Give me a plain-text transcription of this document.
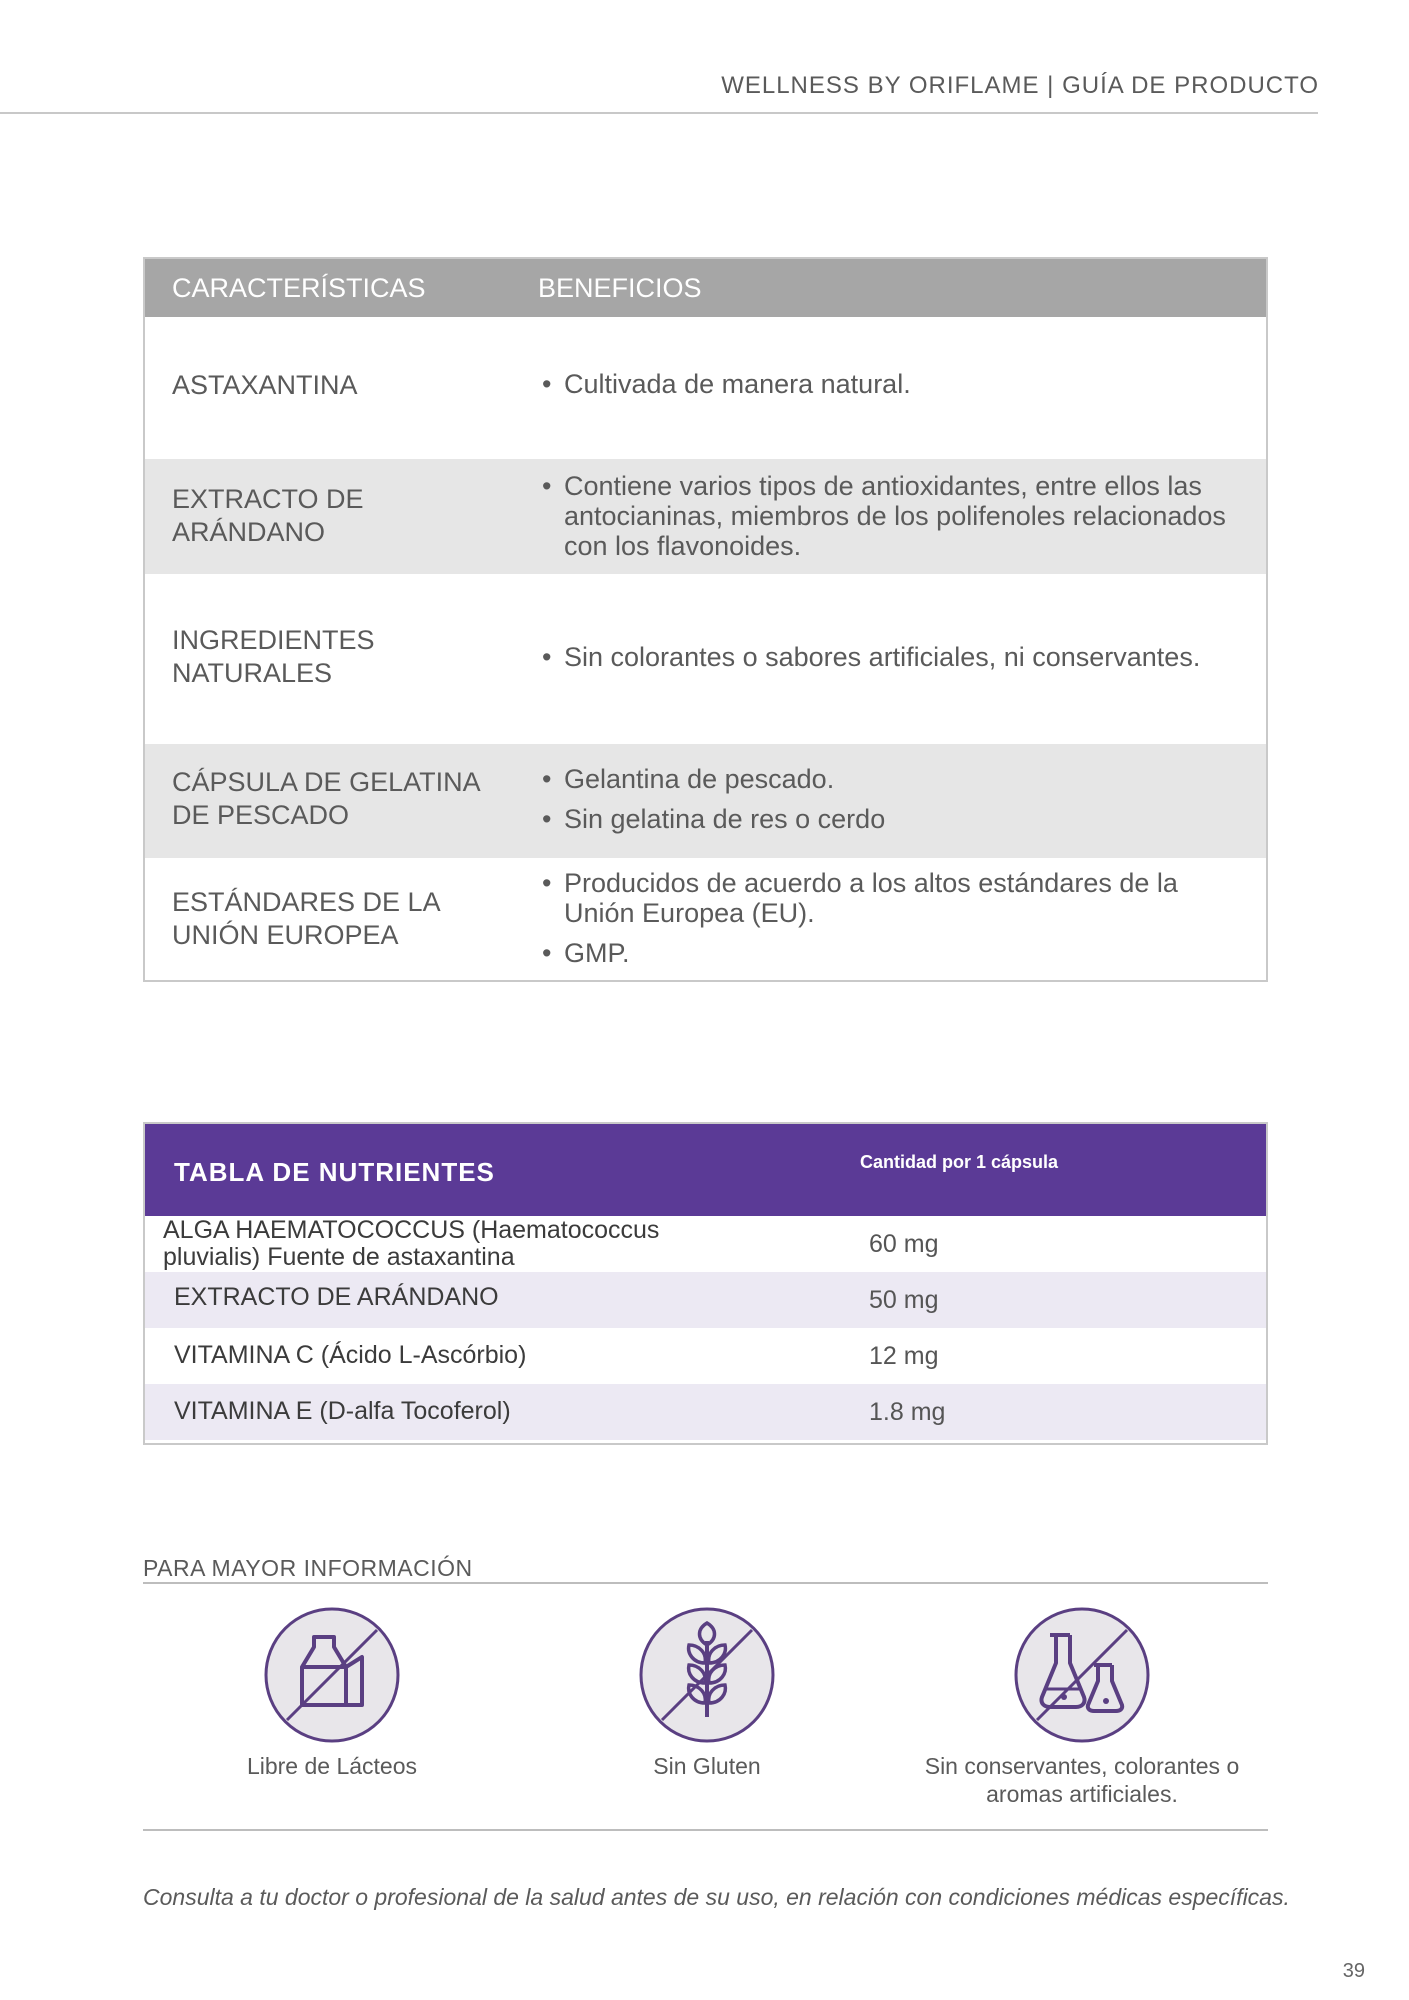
WELLNESS BY ORIFLAME | GUÍA DE PRODUCTO
CARACTERÍSTICAS	BENEFICIOS
ASTAXANTINA
•	Cultivada de manera natural.
EXTRACTO DE ARÁNDANO
• Contiene varios tipos de antioxidantes, entre ellos las antocianinas, miembros de los polifenoles relacionados con los flavonoides.
INGREDIENTES NATURALES
• Sin colorantes o sabores artificiales, ni conservantes.
CÁPSULA DE GELATINA DE PESCADO
• Gelantina de pescado.
• Sin gelatina de res o cerdo
ESTÁNDARES DE LA UNIÓN EUROPEA
• Producidos de acuerdo a los altos estándares de la Unión Europea (EU).
• GMP.
TABLA DE NUTRIENTES	Cantidad por 1 cápsula
ALGA HAEMATOCOCCUS (Haematococcus pluvialis) Fuente de astaxantina	60 mg
EXTRACTO DE ARÁNDANO	50 mg
VITAMINA C (Ácido L-Ascórbio)	12 mg
VITAMINA E (D-alfa Tocoferol)	1.8 mg
PARA MAYOR INFORMACIÓN
Libre de Lácteos	Sin Gluten	Sin conservantes, colorantes o aromas artificiales.
Consulta a tu doctor o profesional de la salud antes de su uso, en relación con condiciones médicas específicas.
39
